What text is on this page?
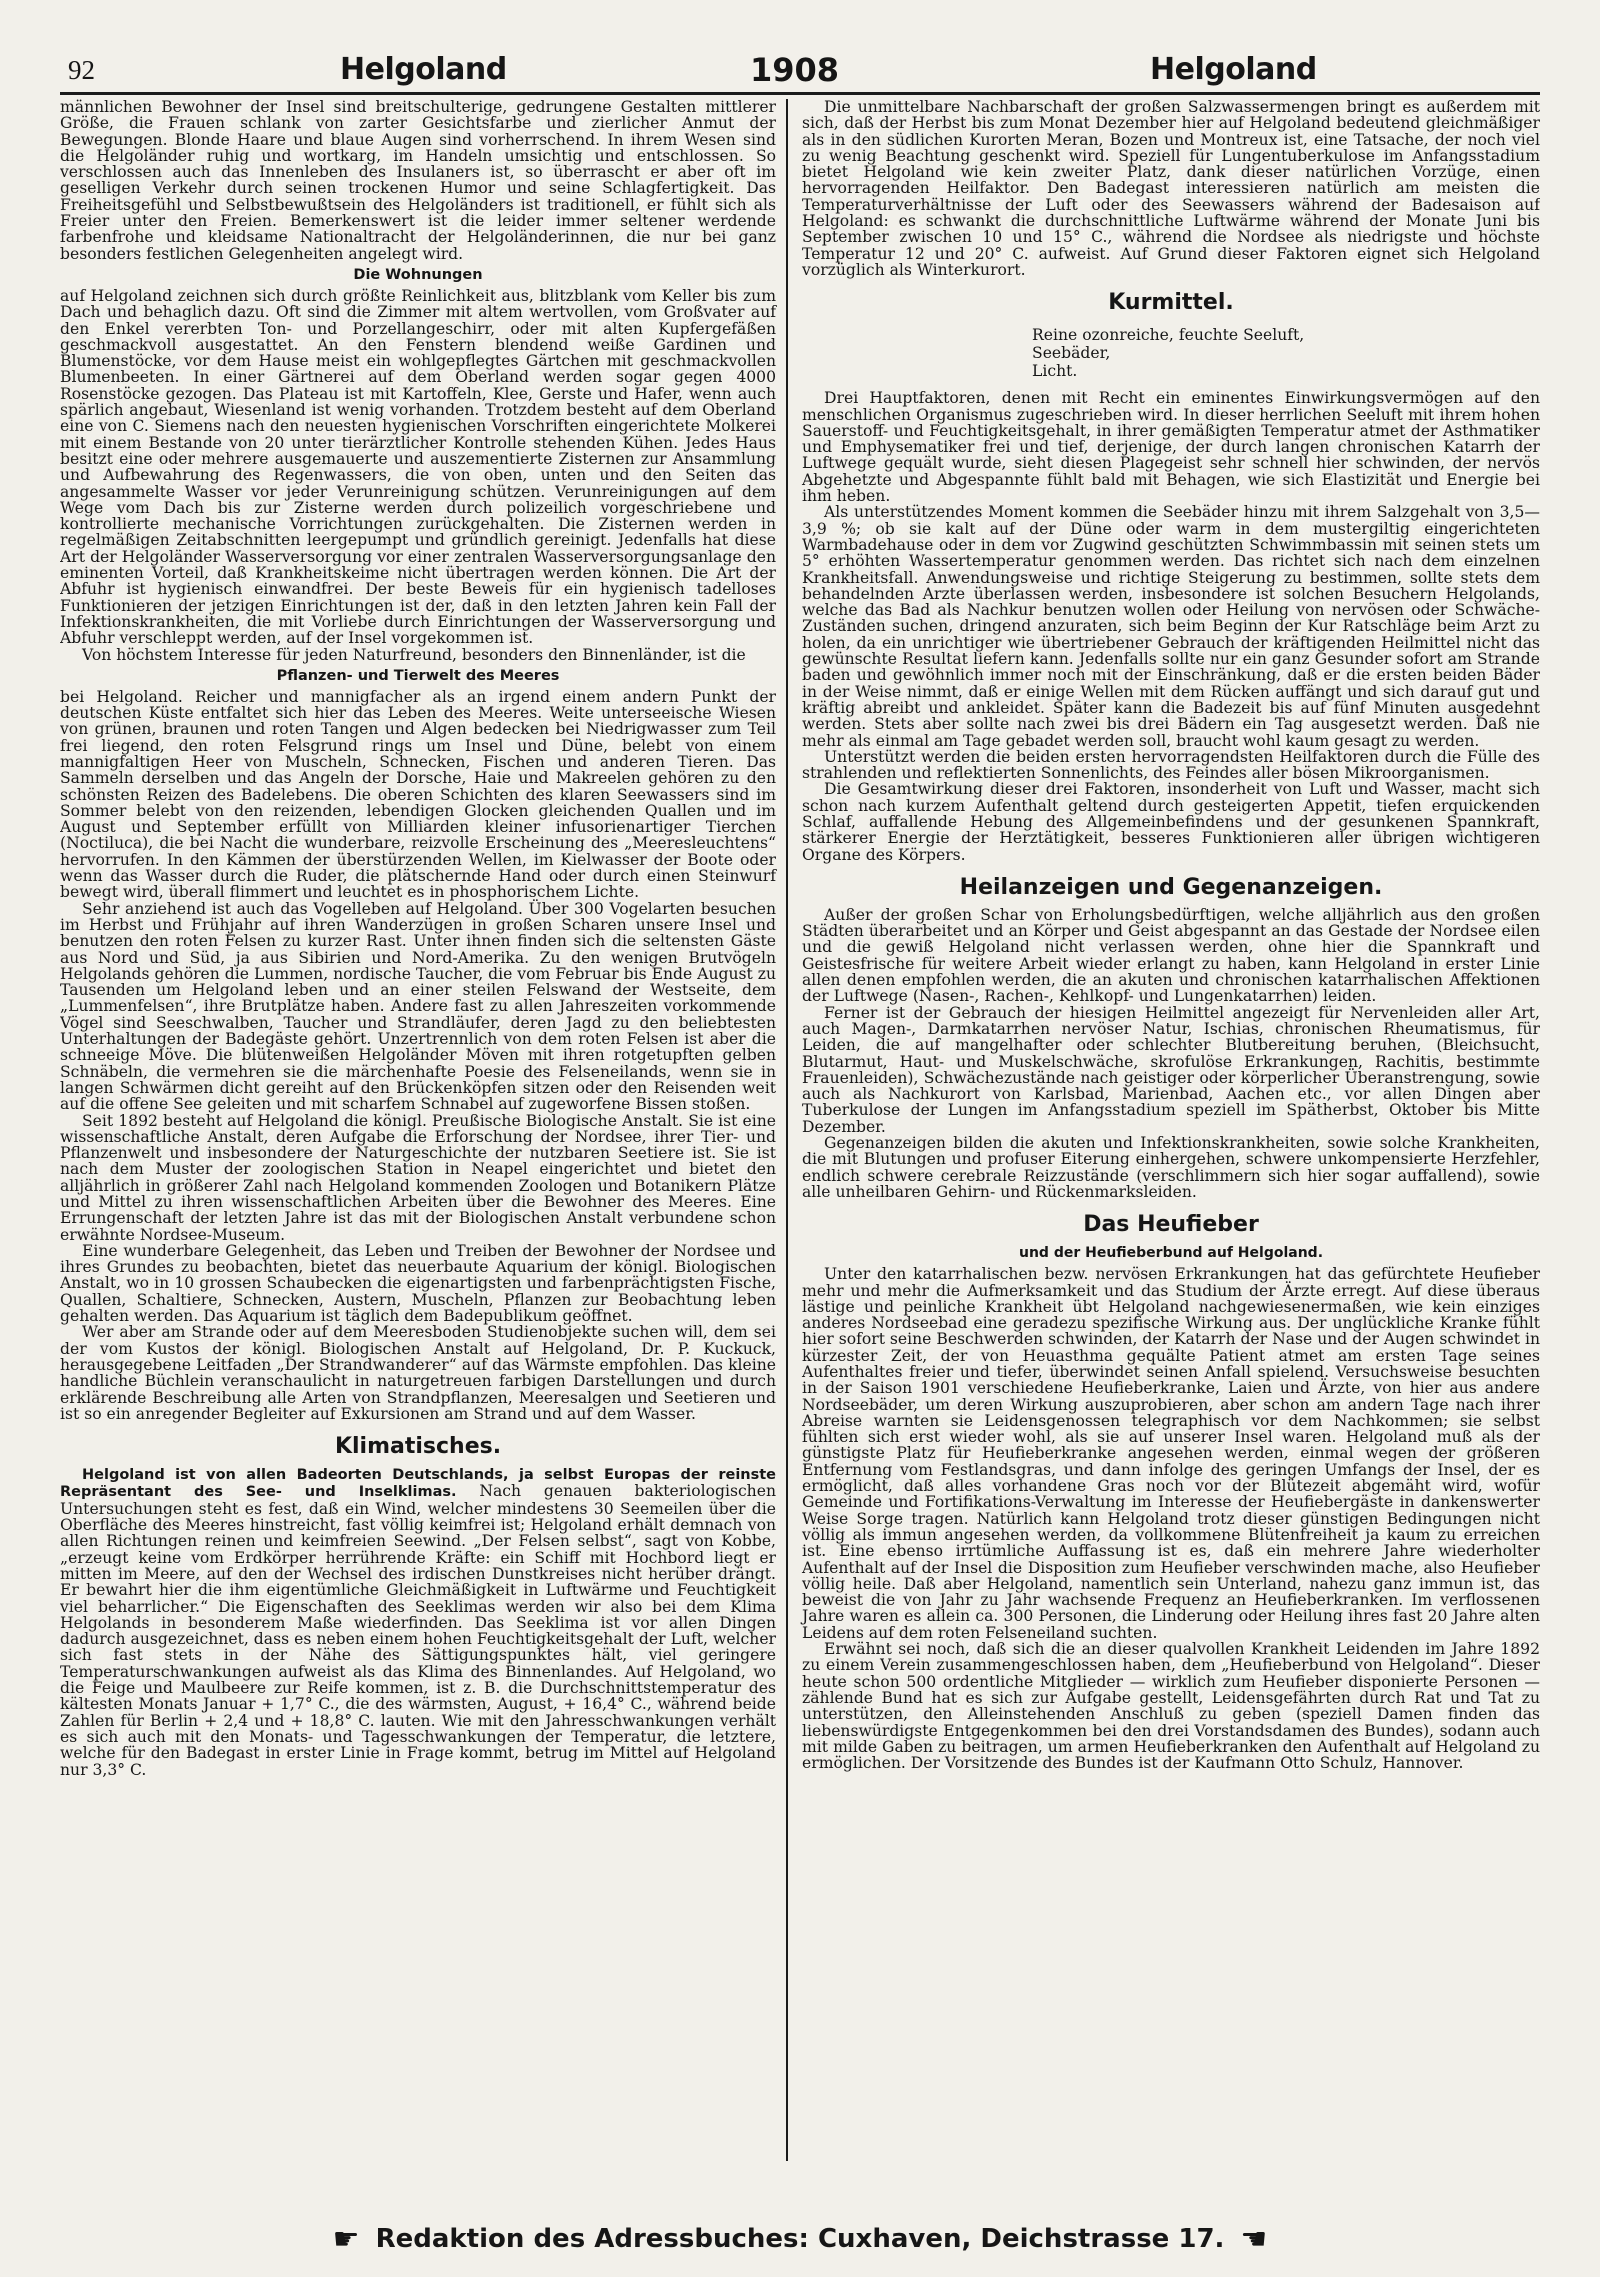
92	Helgoland	1908	Helgoland

männlichen Bewohner der Insel sind breitschulterige, gedrungene Gestalten mittlerer Größe, die Frauen schlank von zarter Gesichtsfarbe und zierlicher Anmut der Bewegungen. Blonde Haare und blaue Augen sind vorherrschend. In ihrem Wesen sind die Helgoländer ruhig und wortkarg, im Handeln umsichtig und entschlossen. So verschlossen auch das Innenleben des Insulaners ist, so überrascht er aber oft im geselligen Verkehr durch seinen trockenen Humor und seine Schlagfertigkeit. Das Freiheitsgefühl und Selbstbewußtsein des Helgoländers ist traditionell, er fühlt sich als Freier unter den Freien. Bemerkenswert ist die leider immer seltener werdende farbenfrohe und kleidsame Nationaltracht der Helgoländerinnen, die nur bei ganz besonders festlichen Gelegenheiten angelegt wird.

Die Wohnungen

auf Helgoland zeichnen sich durch größte Reinlichkeit aus, blitzblank vom Keller bis zum Dach und behaglich dazu. Oft sind die Zimmer mit altem wertvollen, vom Großvater auf den Enkel vererbten Ton- und Porzellangeschirr, oder mit alten Kupfergefäßen geschmackvoll ausgestattet. An den Fenstern blendend weiße Gardinen und Blumenstöcke, vor dem Hause meist ein wohlgepflegtes Gärtchen mit geschmackvollen Blumenbeeten. In einer Gärtnerei auf dem Oberland werden sogar gegen 4000 Rosenstöcke gezogen. Das Plateau ist mit Kartoffeln, Klee, Gerste und Hafer, wenn auch spärlich angebaut, Wiesenland ist wenig vorhanden. Trotzdem besteht auf dem Oberland eine von C. Siemens nach den neuesten hygienischen Vorschriften eingerichtete Molkerei mit einem Bestande von 20 unter tierärztlicher Kontrolle stehenden Kühen. Jedes Haus besitzt eine oder mehrere ausgemauerte und auszementierte Zisternen zur Ansammlung und Aufbewahrung des Regenwassers, die von oben, unten und den Seiten das angesammelte Wasser vor jeder Verunreinigung schützen. Verunreinigungen auf dem Wege vom Dach bis zur Zisterne werden durch polizeilich vorgeschriebene und kontrollierte mechanische Vorrichtungen zurückgehalten. Die Zisternen werden in regelmäßigen Zeitabschnitten leergepumpt und gründlich gereinigt. Jedenfalls hat diese Art der Helgoländer Wasserversorgung vor einer zentralen Wasserversorgungsanlage den eminenten Vorteil, daß Krankheitskeime nicht übertragen werden können. Die Art der Abfuhr ist hygienisch einwandfrei. Der beste Beweis für ein hygienisch tadelloses Funktionieren der jetzigen Einrichtungen ist der, daß in den letzten Jahren kein Fall der Infektionskrankheiten, die mit Vorliebe durch Einrichtungen der Wasserversorgung und Abfuhr verschleppt werden, auf der Insel vorgekommen ist.

Von höchstem Interesse für jeden Naturfreund, besonders den Binnenländer, ist die

Pflanzen- und Tierwelt des Meeres

bei Helgoland. Reicher und mannigfacher als an irgend einem andern Punkt der deutschen Küste entfaltet sich hier das Leben des Meeres. Weite unterseeische Wiesen von grünen, braunen und roten Tangen und Algen bedecken bei Niedrigwasser zum Teil frei liegend, den roten Felsgrund rings um Insel und Düne, belebt von einem mannigfaltigen Heer von Muscheln, Schnecken, Fischen und anderen Tieren. Das Sammeln derselben und das Angeln der Dorsche, Haie und Makreelen gehören zu den schönsten Reizen des Badelebens. Die oberen Schichten des klaren Seewassers sind im Sommer belebt von den reizenden, lebendigen Glocken gleichenden Quallen und im August und September erfüllt von Milliarden kleiner infusorienartiger Tierchen (Noctiluca), die bei Nacht die wunderbare, reizvolle Erscheinung des „Meeresleuchtens“ hervorrufen. In den Kämmen der überstürzenden Wellen, im Kielwasser der Boote oder wenn das Wasser durch die Ruder, die plätschernde Hand oder durch einen Steinwurf bewegt wird, überall flimmert und leuchtet es in phosphorischem Lichte.

Sehr anziehend ist auch das Vogelleben auf Helgoland. Über 300 Vogelarten besuchen im Herbst und Frühjahr auf ihren Wanderzügen in großen Scharen unsere Insel und benutzen den roten Felsen zu kurzer Rast. Unter ihnen finden sich die seltensten Gäste aus Nord und Süd, ja aus Sibirien und Nord-Amerika. Zu den wenigen Brutvögeln Helgolands gehören die Lummen, nordische Taucher, die vom Februar bis Ende August zu Tausenden um Helgoland leben und an einer steilen Felswand der Westseite, dem „Lummenfelsen“, ihre Brutplätze haben. Andere fast zu allen Jahreszeiten vorkommende Vögel sind Seeschwalben, Taucher und Strandläufer, deren Jagd zu den beliebtesten Unterhaltungen der Badegäste gehört. Unzertrennlich von dem roten Felsen ist aber die schneeige Möve. Die blütenweißen Helgoländer Möven mit ihren rotgetupften gelben Schnäbeln, die vermehren sie die märchenhafte Poesie des Felseneilands, wenn sie in langen Schwärmen dicht gereiht auf den Brückenköpfen sitzen oder den Reisenden weit auf die offene See geleiten und mit scharfem Schnabel auf zugeworfene Bissen stoßen.

Seit 1892 besteht auf Helgoland die königl. Preußische Biologische Anstalt. Sie ist eine wissenschaftliche Anstalt, deren Aufgabe die Erforschung der Nordsee, ihrer Tier- und Pflanzenwelt und insbesondere der Naturgeschichte der nutzbaren Seetiere ist. Sie ist nach dem Muster der zoologischen Station in Neapel eingerichtet und bietet den alljährlich in größerer Zahl nach Helgoland kommenden Zoologen und Botanikern Plätze und Mittel zu ihren wissenschaftlichen Arbeiten über die Bewohner des Meeres. Eine Errungenschaft der letzten Jahre ist das mit der Biologischen Anstalt verbundene schon erwähnte Nordsee-Museum.

Eine wunderbare Gelegenheit, das Leben und Treiben der Bewohner der Nordsee und ihres Grundes zu beobachten, bietet das neuerbaute Aquarium der königl. Biologischen Anstalt, wo in 10 grossen Schaubecken die eigenartigsten und farbenprächtigsten Fische, Quallen, Schaltiere, Schnecken, Austern, Muscheln, Pflanzen zur Beobachtung leben gehalten werden. Das Aquarium ist täglich dem Badepublikum geöffnet.

Wer aber am Strande oder auf dem Meeresboden Studienobjekte suchen will, dem sei der vom Kustos der königl. Biologischen Anstalt auf Helgoland, Dr. P. Kuckuck, herausgegebene Leitfaden „Der Strandwanderer“ auf das Wärmste empfohlen. Das kleine handliche Büchlein veranschaulicht in naturgetreuen farbigen Darstellungen und durch erklärende Beschreibung alle Arten von Strandpflanzen, Meeresalgen und Seetieren und ist so ein anregender Begleiter auf Exkursionen am Strand und auf dem Wasser.

Klimatisches.

Helgoland ist von allen Badeorten Deutschlands, ja selbst Europas der reinste Repräsentant des See- und Inselklimas. Nach genauen bakteriologischen Untersuchungen steht es fest, daß ein Wind, welcher mindestens 30 Seemeilen über die Oberfläche des Meeres hinstreicht, fast völlig keimfrei ist; Helgoland erhält demnach von allen Richtungen reinen und keimfreien Seewind. „Der Felsen selbst“, sagt von Kobbe, „erzeugt keine vom Erdkörper herrührende Kräfte: ein Schiff mit Hochbord liegt er mitten im Meere, auf den der Wechsel des irdischen Dunstkreises nicht herüber drängt. Er bewahrt hier die ihm eigentümliche Gleichmäßigkeit in Luftwärme und Feuchtigkeit viel beharrlicher.“ Die Eigenschaften des Seeklimas werden wir also bei dem Klima Helgolands in besonderem Maße wiederfinden. Das Seeklima ist vor allen Dingen dadurch ausgezeichnet, dass es neben einem hohen Feuchtigkeitsgehalt der Luft, welcher sich fast stets in der Nähe des Sättigungspunktes hält, viel geringere Temperaturschwankungen aufweist als das Klima des Binnenlandes. Auf Helgoland, wo die Feige und Maulbeere zur Reife kommen, ist z. B. die Durchschnittstemperatur des kältesten Monats Januar + 1,7° C., die des wärmsten, August, + 16,4° C., während beide Zahlen für Berlin + 2,4 und + 18,8° C. lauten. Wie mit den Jahresschwankungen verhält es sich auch mit den Monats- und Tagesschwankungen der Temperatur, die letztere, welche für den Badegast in erster Linie in Frage kommt, betrug im Mittel auf Helgoland nur 3,3° C.

Die unmittelbare Nachbarschaft der großen Salzwassermengen bringt es außerdem mit sich, daß der Herbst bis zum Monat Dezember hier auf Helgoland bedeutend gleichmäßiger als in den südlichen Kurorten Meran, Bozen und Montreux ist, eine Tatsache, der noch viel zu wenig Beachtung geschenkt wird. Speziell für Lungentuberkulose im Anfangsstadium bietet Helgoland wie kein zweiter Platz, dank dieser natürlichen Vorzüge, einen hervorragenden Heilfaktor. Den Badegast interessieren natürlich am meisten die Temperaturverhältnisse der Luft oder des Seewassers während der Badesaison auf Helgoland: es schwankt die durchschnittliche Luftwärme während der Monate Juni bis September zwischen 10 und 15° C., während die Nordsee als niedrigste und höchste Temperatur 12 und 20° C. aufweist. Auf Grund dieser Faktoren eignet sich Helgoland vorzüglich als Winterkurort.

Kurmittel.
Reine ozonreiche, feuchte Seeluft,
Seebäder,
Licht.

Drei Hauptfaktoren, denen mit Recht ein eminentes Einwirkungsvermögen auf den menschlichen Organismus zugeschrieben wird. In dieser herrlichen Seeluft mit ihrem hohen Sauerstoff- und Feuchtigkeitsgehalt, in ihrer gemäßigten Temperatur atmet der Asthmatiker und Emphysematiker frei und tief, derjenige, der durch langen chronischen Katarrh der Luftwege gequält wurde, sieht diesen Plagegeist sehr schnell hier schwinden, der nervös Abgehetzte und Abgespannte fühlt bald mit Behagen, wie sich Elastizität und Energie bei ihm heben.

Als unterstützendes Moment kommen die Seebäder hinzu mit ihrem Salzgehalt von 3,5—3,9 %; ob sie kalt auf der Düne oder warm in dem mustergiltig eingerichteten Warmbadehause oder in dem vor Zugwind geschützten Schwimmbassin mit seinen stets um 5° erhöhten Wassertemperatur genommen werden. Das richtet sich nach dem einzelnen Krankheitsfall. Anwendungsweise und richtige Steigerung zu bestimmen, sollte stets dem behandelnden Arzte überlassen werden, insbesondere ist solchen Besuchern Helgolands, welche das Bad als Nachkur benutzen wollen oder Heilung von nervösen oder Schwäche-Zuständen suchen, dringend anzuraten, sich beim Beginn der Kur Ratschläge beim Arzt zu holen, da ein unrichtiger wie übertriebener Gebrauch der kräftigenden Heilmittel nicht das gewünschte Resultat liefern kann. Jedenfalls sollte nur ein ganz Gesunder sofort am Strande baden und gewöhnlich immer noch mit der Einschränkung, daß er die ersten beiden Bäder in der Weise nimmt, daß er einige Wellen mit dem Rücken auffängt und sich darauf gut und kräftig abreibt und ankleidet. Später kann die Badezeit bis auf fünf Minuten ausgedehnt werden. Stets aber sollte nach zwei bis drei Bädern ein Tag ausgesetzt werden. Daß nie mehr als einmal am Tage gebadet werden soll, braucht wohl kaum gesagt zu werden.

Unterstützt werden die beiden ersten hervorragendsten Heilfaktoren durch die Fülle des strahlenden und reflektierten Sonnenlichts, des Feindes aller bösen Mikroorganismen.

Die Gesamtwirkung dieser drei Faktoren, insonderheit von Luft und Wasser, macht sich schon nach kurzem Aufenthalt geltend durch gesteigerten Appetit, tiefen erquickenden Schlaf, auffallende Hebung des Allgemeinbefindens und der gesunkenen Spannkraft, stärkerer Energie der Herztätigkeit, besseres Funktionieren aller übrigen wichtigeren Organe des Körpers.

Heilanzeigen und Gegenanzeigen.

Außer der großen Schar von Erholungsbedürftigen, welche alljährlich aus den großen Städten überarbeitet und an Körper und Geist abgespannt an das Gestade der Nordsee eilen und die gewiß Helgoland nicht verlassen werden, ohne hier die Spannkraft und Geistesfrische für weitere Arbeit wieder erlangt zu haben, kann Helgoland in erster Linie allen denen empfohlen werden, die an akuten und chronischen katarrhalischen Affektionen der Luftwege (Nasen-, Rachen-, Kehlkopf- und Lungenkatarrhen) leiden.

Ferner ist der Gebrauch der hiesigen Heilmittel angezeigt für Nervenleiden aller Art, auch Magen-, Darmkatarrhen nervöser Natur, Ischias, chronischen Rheumatismus, für Leiden, die auf mangelhafter oder schlechter Blutbereitung beruhen, (Bleichsucht, Blutarmut, Haut- und Muskelschwäche, skrofulöse Erkrankungen, Rachitis, bestimmte Frauenleiden), Schwächezustände nach geistiger oder körperlicher Überanstrengung, sowie auch als Nachkurort von Karlsbad, Marienbad, Aachen etc., vor allen Dingen aber Tuberkulose der Lungen im Anfangsstadium speziell im Spätherbst, Oktober bis Mitte Dezember.

Gegenanzeigen bilden die akuten und Infektionskrankheiten, sowie solche Krankheiten, die mit Blutungen und profuser Eiterung einhergehen, schwere unkompensierte Herzfehler, endlich schwere cerebrale Reizzustände (verschlimmern sich hier sogar auffallend), sowie alle unheilbaren Gehirn- und Rückenmarksleiden.

Das Heufieber
und der Heufieberbund auf Helgoland.

Unter den katarrhalischen bezw. nervösen Erkrankungen hat das gefürchtete Heufieber mehr und mehr die Aufmerksamkeit und das Studium der Ärzte erregt. Auf diese überaus lästige und peinliche Krankheit übt Helgoland nachgewiesenermaßen, wie kein einziges anderes Nordseebad eine geradezu spezifische Wirkung aus. Der unglückliche Kranke fühlt hier sofort seine Beschwerden schwinden, der Katarrh der Nase und der Augen schwindet in kürzester Zeit, der von Heuasthma gequälte Patient atmet am ersten Tage seines Aufenthaltes freier und tiefer, überwindet seinen Anfall spielend. Versuchsweise besuchten in der Saison 1901 verschiedene Heufieberkranke, Laien und Ärzte, von hier aus andere Nordseebäder, um deren Wirkung auszuprobieren, aber schon am andern Tage nach ihrer Abreise warnten sie Leidensgenossen telegraphisch vor dem Nachkommen; sie selbst fühlten sich erst wieder wohl, als sie auf unserer Insel waren. Helgoland muß als der günstigste Platz für Heufieberkranke angesehen werden, einmal wegen der größeren Entfernung vom Festlandsgras, und dann infolge des geringen Umfangs der Insel, der es ermöglicht, daß alles vorhandene Gras noch vor der Blütezeit abgemäht wird, wofür Gemeinde und Fortifikations-Verwaltung im Interesse der Heufiebergäste in dankenswerter Weise Sorge tragen. Natürlich kann Helgoland trotz dieser günstigen Bedingungen nicht völlig als immun angesehen werden, da vollkommene Blütenfreiheit ja kaum zu erreichen ist. Eine ebenso irrtümliche Auffassung ist es, daß ein mehrere Jahre wiederholter Aufenthalt auf der Insel die Disposition zum Heufieber verschwinden mache, also Heufieber völlig heile. Daß aber Helgoland, namentlich sein Unterland, nahezu ganz immun ist, das beweist die von Jahr zu Jahr wachsende Frequenz an Heufieberkranken. Im verflossenen Jahre waren es allein ca. 300 Personen, die Linderung oder Heilung ihres fast 20 Jahre alten Leidens auf dem roten Felseneiland suchten.

Erwähnt sei noch, daß sich die an dieser qualvollen Krankheit Leidenden im Jahre 1892 zu einem Verein zusammengeschlossen haben, dem „Heufieberbund von Helgoland“. Dieser heute schon 500 ordentliche Mitglieder — wirklich zum Heufieber disponierte Personen — zählende Bund hat es sich zur Aufgabe gestellt, Leidensgefährten durch Rat und Tat zu unterstützen, den Alleinstehenden Anschluß zu geben (speziell Damen finden das liebenswürdigste Entgegenkommen bei den drei Vorstandsdamen des Bundes), sodann auch mit milde Gaben zu beitragen, um armen Heufieberkranken den Aufenthalt auf Helgoland zu ermöglichen. Der Vorsitzende des Bundes ist der Kaufmann Otto Schulz, Hannover.

☛ Redaktion des Adressbuches: Cuxhaven, Deichstrasse 17. ☚
